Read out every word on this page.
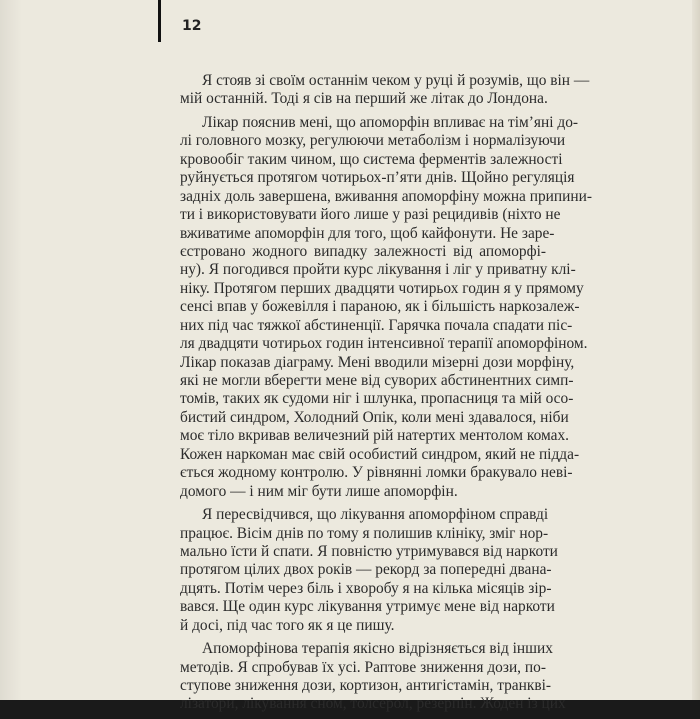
12
Я стояв зі своїм останнім чеком у руці й розумів, що він —
мій останній. Тоді я сів на перший же літак до Лондона.
Лікар пояснив мені, що апоморфін впливає на тім’яні до-
лі головного мозку, регулюючи метаболізм і нормалізуючи
кровообіг таким чином, що система ферментів залежності
руйнується протягом чотирьох-п’яти днів. Щойно регуляція
задніх доль завершена, вживання апоморфіну можна припини-
ти і використовувати його лише у разі рецидивів (ніхто не
вживатиме апоморфін для того, щоб кайфонути. Не заре-
єстровано жодного випадку залежності від апоморфі-
ну). Я погодився пройти курс лікування і ліг у приватну клі-
ніку. Протягом перших двадцяти чотирьох годин я у прямому
сенсі впав у божевілля і параною, як і більшість наркозалеж-
них під час тяжкої абстиненції. Гарячка почала спадати піс-
ля двадцяти чотирьох годин інтенсивної терапії апоморфіном.
Лікар показав діаграму. Мені вводили мізерні дози морфіну,
які не могли вберегти мене від суворих абстинентних симп-
томів, таких як судоми ніг і шлунка, пропасниця та мій осо-
бистий синдром, Холодний Опік, коли мені здавалося, ніби
моє тіло вкривав величезний рій натертих ментолом комах.
Кожен наркоман має свій особистий синдром, який не підда-
ється жодному контролю. У рівнянні ломки бракувало неві-
домого — і ним міг бути лише апоморфін.
Я пересвідчився, що лікування апоморфіном справді
працює. Вісім днів по тому я полишив клініку, зміг нор-
мально їсти й спати. Я повністю утримувався від наркоти
протягом цілих двох років — рекорд за попередні двана-
дцять. Потім через біль і хворобу я на кілька місяців зір-
вався. Ще один курс лікування утримує мене від наркоти
й досі, під час того як я це пишу.
Апоморфінова терапія якісно відрізняється від інших
методів. Я спробував їх усі. Раптове зниження дози, по-
ступове зниження дози, кортизон, антигістамін, транкві-
лізатори, лікування сном, толсерол, резерпін. Жоден із цих
